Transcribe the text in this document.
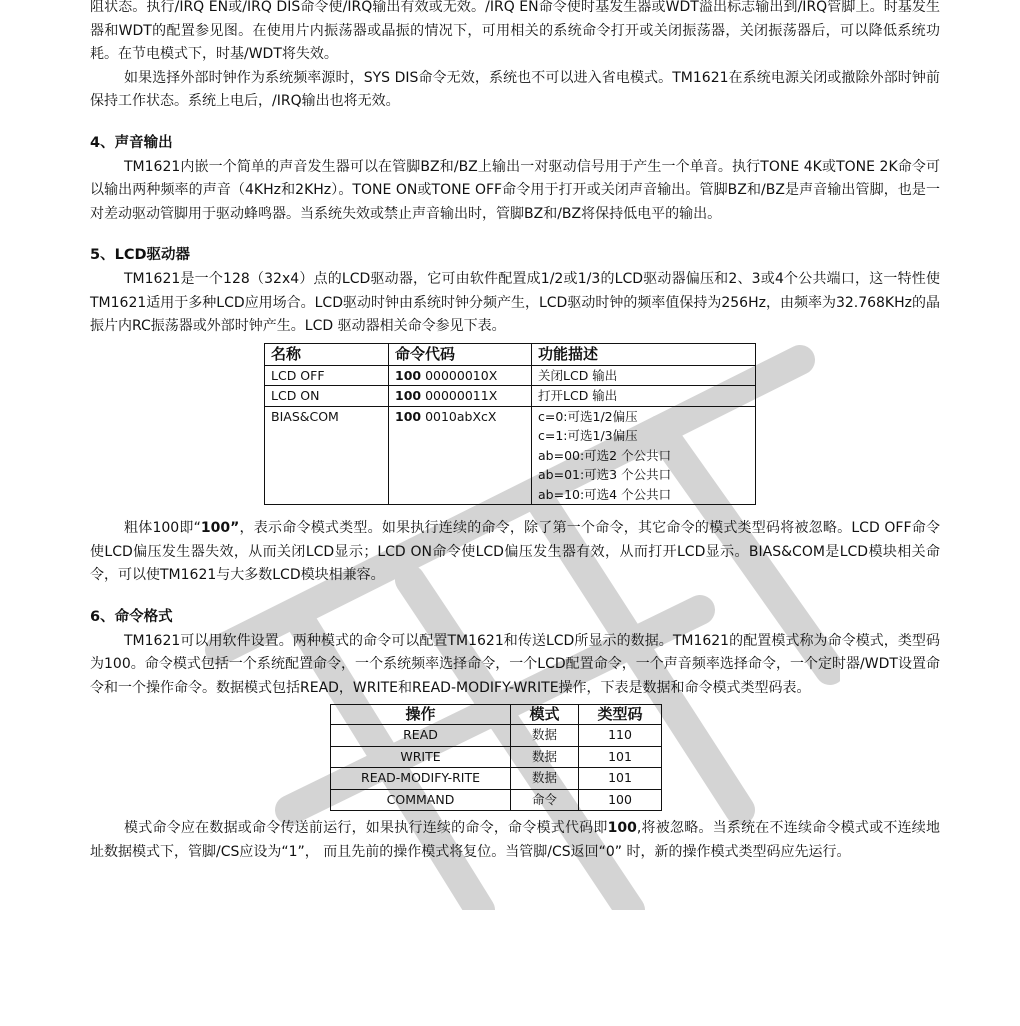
阻状态。执行/IRQ EN或/IRQ DIS命令使/IRQ输出有效或无效。/IRQ EN命令使时基发生器或WDT溢出标志输出到/IRQ管脚上。时基发生器和WDT的配置参见图。在使用片内振荡器或晶振的情况下，可用相关的系统命令打开或关闭振荡器，关闭振荡器后，可以降低系统功耗。在节电模式下，时基/WDT将失效。

如果选择外部时钟作为系统频率源时，SYS DIS命令无效，系统也不可以进入省电模式。TM1621在系统电源关闭或撤除外部时钟前保持工作状态。系统上电后，/IRQ输出也将无效。

4、声音输出

TM1621内嵌一个简单的声音发生器可以在管脚BZ和/BZ上输出一对驱动信号用于产生一个单音。执行TONE 4K或TONE 2K命令可以输出两种频率的声音（4KHz和2KHz）。TONE ON或TONE OFF命令用于打开或关闭声音输出。管脚BZ和/BZ是声音输出管脚，也是一对差动驱动管脚用于驱动蜂鸣器。当系统失效或禁止声音输出时，管脚BZ和/BZ将保持低电平的输出。

5、LCD驱动器

TM1621是一个128（32x4）点的LCD驱动器，它可由软件配置成1/2或1/3的LCD驱动器偏压和2、3或4个公共端口，这一特性使TM1621适用于多种LCD应用场合。LCD驱动时钟由系统时钟分频产生，LCD驱动时钟的频率值保持为256Hz，由频率为32.768KHz的晶振片内RC振荡器或外部时钟产生。LCD 驱动器相关命令参见下表。

名称	命令代码	功能描述
LCD OFF	100 00000010X	关闭LCD 输出
LCD ON	100 00000011X	打开LCD 输出
BIAS&COM	100 0010abXcX	c=0:可选1/2偏压
c=1:可选1/3偏压
ab=00:可选2 个公共口
ab=01:可选3 个公共口
ab=10:可选4 个公共口

粗体100即“100”，表示命令模式类型。如果执行连续的命令，除了第一个命令，其它命令的模式类型码将被忽略。LCD OFF命令使LCD偏压发生器失效，从而关闭LCD显示；LCD ON命令使LCD偏压发生器有效，从而打开LCD显示。BIAS&COM是LCD模块相关命令，可以使TM1621与大多数LCD模块相兼容。

6、命令格式

TM1621可以用软件设置。两种模式的命令可以配置TM1621和传送LCD所显示的数据。TM1621的配置模式称为命令模式，类型码为100。命令模式包括一个系统配置命令，一个系统频率选择命令，一个LCD配置命令，一个声音频率选择命令，一个定时器/WDT设置命令和一个操作命令。数据模式包括READ，WRITE和READ-MODIFY-WRITE操作，下表是数据和命令模式类型码表。

操作	模式	类型码
READ	数据	110
WRITE	数据	101
READ-MODIFY-RITE	数据	101
COMMAND	命令	100

模式命令应在数据或命令传送前运行，如果执行连续的命令，命令模式代码即100,将被忽略。当系统在不连续命令模式或不连续地址数据模式下，管脚/CS应设为“1”， 而且先前的操作模式将复位。当管脚/CS返回“0” 时，新的操作模式类型码应先运行。
